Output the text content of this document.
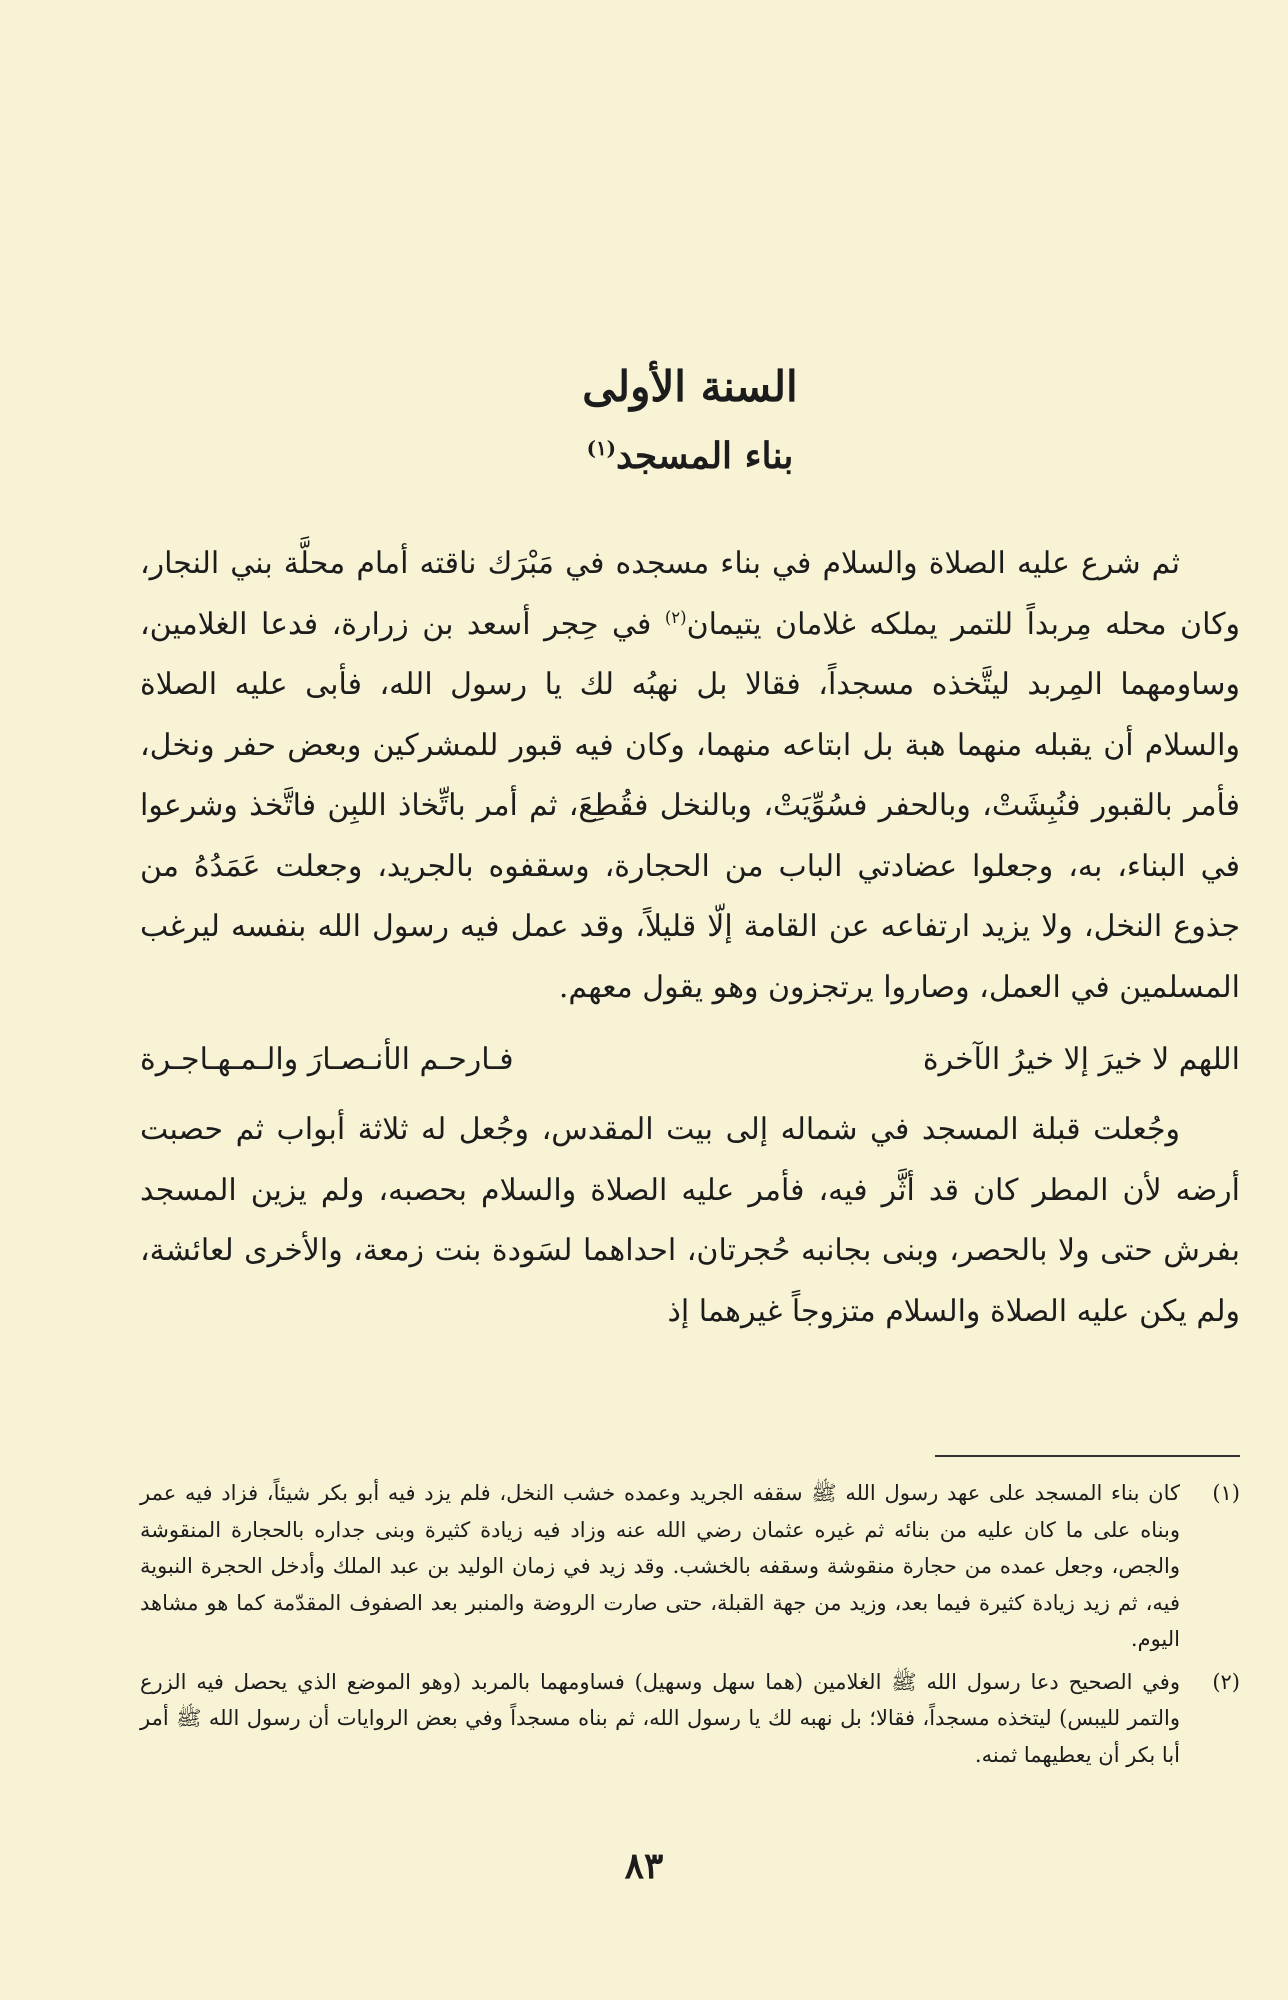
السنة الأولى
بناء المسجد$^{(١)}$

ثم شرع عليه الصلاة والسلام في بناء مسجده في مَبْرَك ناقته أمام محلَّة بني النجار، وكان محله مِربداً للتمر يملكه غلامان يتيمان$^{(٢)}$ في حِجر أسعد بن زرارة، فدعا الغلامين، وساومهما المِربد ليتَّخذه مسجداً، فقالا بل نهبُه لك يا رسول الله، فأبى عليه الصلاة والسلام أن يقبله منهما هبة بل ابتاعه منهما، وكان فيه قبور للمشركين وبعض حفر ونخل، فأمر بالقبور فنُبِشَتْ، وبالحفر فسُوِّيَتْ، وبالنخل فقُطِعَ، ثم أمر باتِّخاذ اللبِن فاتَّخذ وشرعوا في البناء، به، وجعلوا عضادتي الباب من الحجارة، وسقفوه بالجريد، وجعلت عَمَدُهُ من جذوع النخل، ولا يزيد ارتفاعه عن القامة إلّا قليلاً، وقد عمل فيه رسول الله بنفسه ليرغب المسلمين في العمل، وصاروا يرتجزون وهو يقول معهم.

اللهم لا خيرَ إلا خيرُ الآخرة
فـارحـم الأنـصـارَ والـمـهـاجـرة

وجُعلت قبلة المسجد في شماله إلى بيت المقدس، وجُعل له ثلاثة أبواب ثم حصبت أرضه لأن المطر كان قد أثَّر فيه، فأمر عليه الصلاة والسلام بحصبه، ولم يزين المسجد بفرش حتى ولا بالحصر، وبنى بجانبه حُجرتان، احداهما لسَودة بنت زمعة، والأخرى لعائشة، ولم يكن عليه الصلاة والسلام متزوجاً غيرهما إذ

(١)
كان بناء المسجد على عهد رسول الله ﷺ سقفه الجريد وعمده خشب النخل، فلم يزد فيه أبو بكر شيئاً، فزاد فيه عمر وبناه على ما كان عليه من بنائه ثم غيره عثمان رضي الله عنه وزاد فيه زيادة كثيرة وبنى جداره بالحجارة المنقوشة والجص، وجعل عمده من حجارة منقوشة وسقفه بالخشب. وقد زيد في زمان الوليد بن عبد الملك وأدخل الحجرة النبوية فيه، ثم زيد زيادة كثيرة فيما بعد، وزيد من جهة القبلة، حتى صارت الروضة والمنبر بعد الصفوف المقدّمة كما هو مشاهد اليوم.
(٢)
وفي الصحيح دعا رسول الله ﷺ الغلامين (هما سهل وسهيل) فساومهما بالمربد (وهو الموضع الذي يحصل فيه الزرع والتمر لليبس) ليتخذه مسجداً، فقالا؛ بل نهبه لك يا رسول الله، ثم بناه مسجداً وفي بعض الروايات أن رسول الله ﷺ أمر أبا بكر أن يعطيهما ثمنه.
٨٣
